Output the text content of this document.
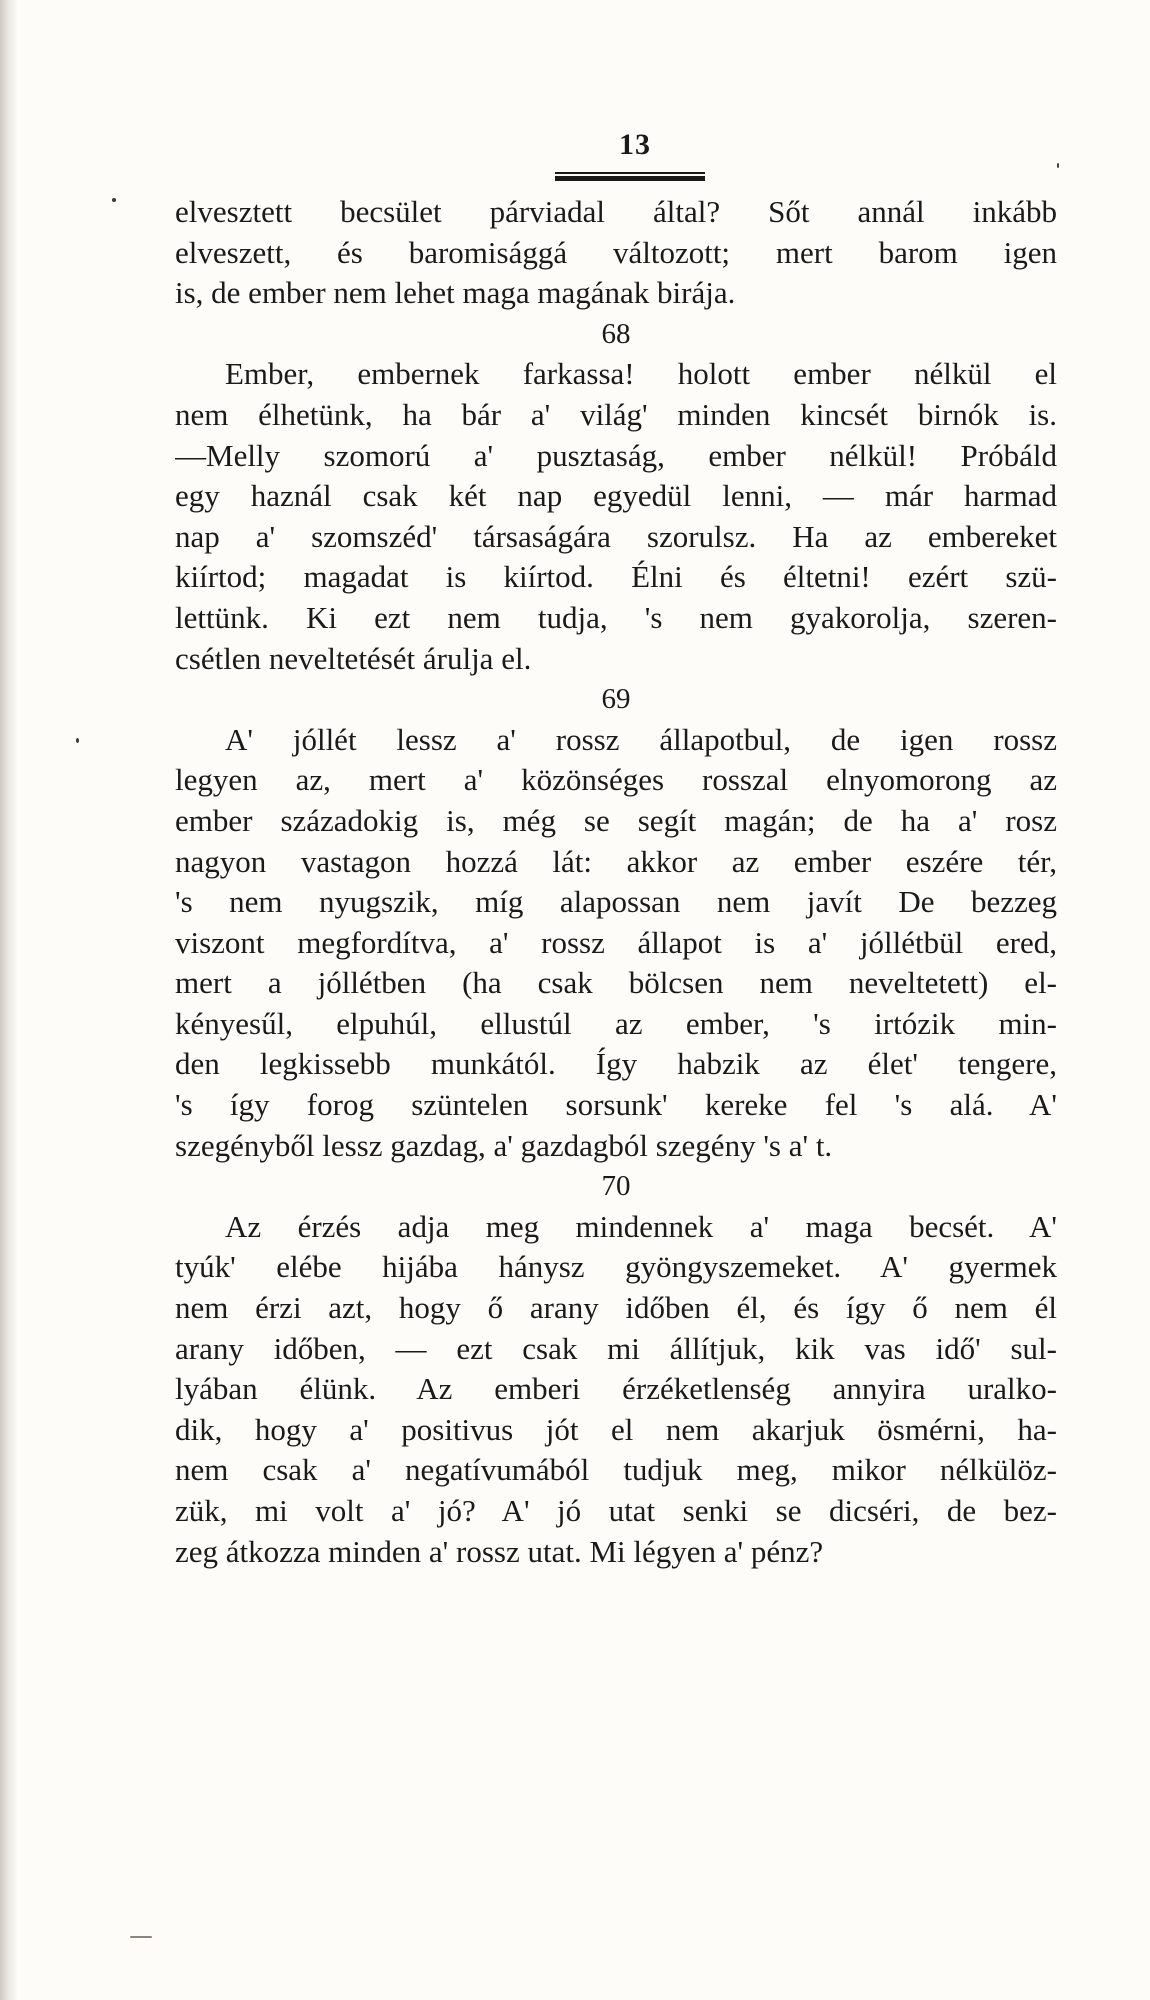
13
elvesztett becsület párviadal által? Sőt annál inkább
elveszett, és baromisággá változott; mert barom igen
is, de ember nem lehet maga magának birája.
68
Ember, embernek farkassa! holott ember nélkül el
nem élhetünk, ha bár a' világ' minden kincsét birnók is.
—Melly szomorú a' pusztaság, ember nélkül! Próbáld
egy haznál csak két nap egyedül lenni, — már harmad
nap a' szomszéd' társaságára szorulsz. Ha az embereket
kiírtod; magadat is kiírtod. Élni és éltetni! ezért szü-
lettünk. Ki ezt nem tudja, 's nem gyakorolja, szeren-
csétlen neveltetését árulja el.
69
A' jóllét lessz a' rossz állapotbul, de igen rossz
legyen az, mert a' közönséges rosszal elnyomorong az
ember századokig is, még se segít magán; de ha a' rosz
nagyon vastagon hozzá lát: akkor az ember eszére tér,
's nem nyugszik, míg alapossan nem javít De bezzeg
viszont megfordítva, a' rossz állapot is a' jóllétbül ered,
mert a jóllétben (ha csak bölcsen nem neveltetett) el-
kényesűl, elpuhúl, ellustúl az ember, 's irtózik min-
den legkissebb munkától. Így habzik az élet' tengere,
's így forog szüntelen sorsunk' kereke fel 's alá. A'
szegényből lessz gazdag, a' gazdagból szegény 's a' t.
70
Az érzés adja meg mindennek a' maga becsét. A'
tyúk' elébe hijába hánysz gyöngyszemeket. A' gyermek
nem érzi azt, hogy ő arany időben él, és így ő nem él
arany időben, — ezt csak mi állítjuk, kik vas idő' sul-
lyában élünk. Az emberi érzéketlenség annyira uralko-
dik, hogy a' positivus jót el nem akarjuk ösmérni, ha-
nem csak a' negatívumából tudjuk meg, mikor nélkülöz-
zük, mi volt a' jó? A' jó utat senki se dicséri, de bez-
zeg átkozza minden a' rossz utat. Mi légyen a' pénz?
